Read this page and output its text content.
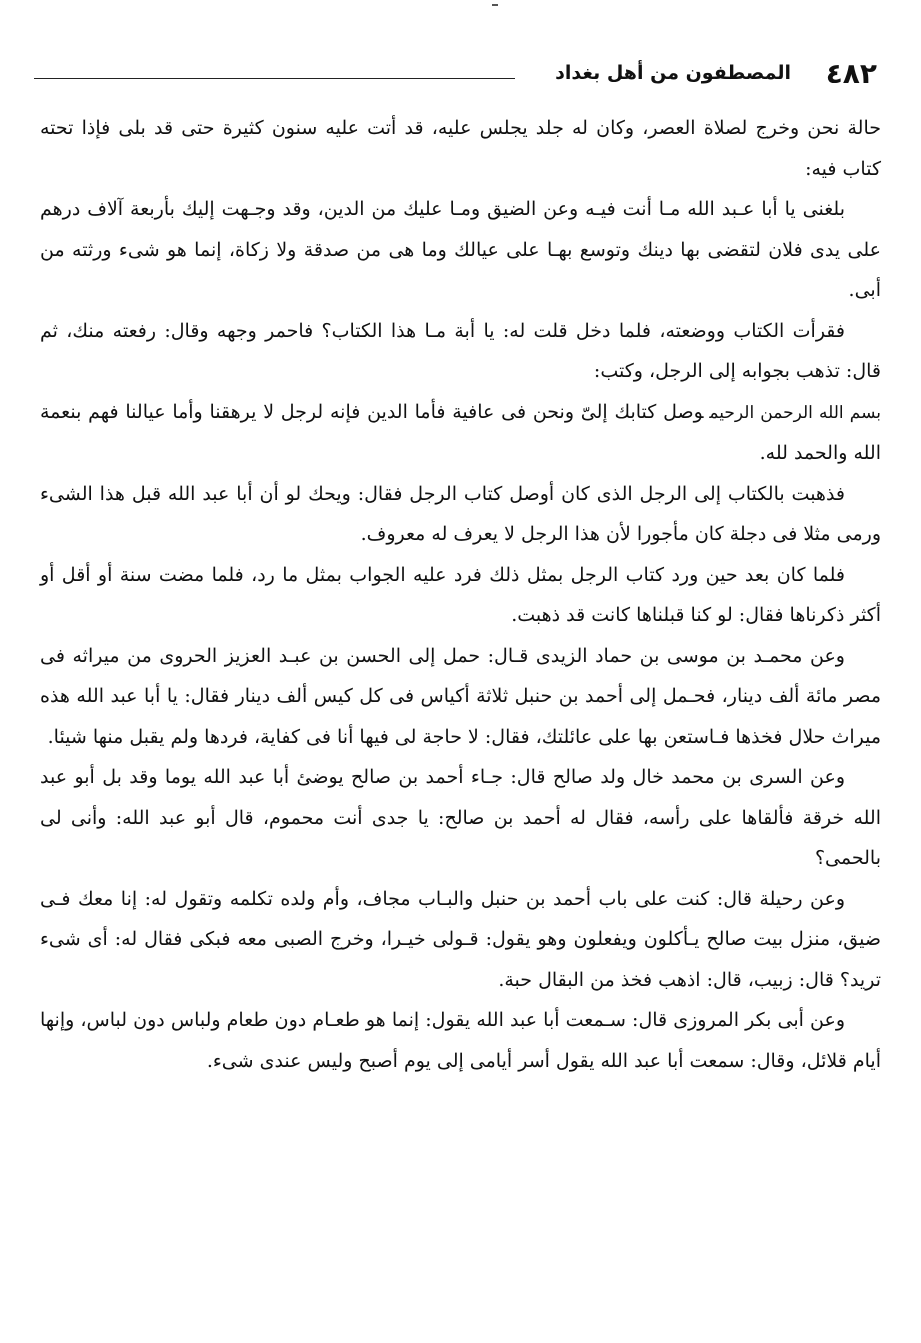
٤٨٢
المصطفون من أهل بغداد

حالة نحن وخرج لصلاة العصر، وكان له جلد يجلس عليه، قد أتت عليه سنون كثيرة حتى قد بلى فإذا تحته كتاب فيه:

بلغنى يا أبا عـبد الله مـا أنت فيـه وعن الضيق ومـا عليك من الدين، وقد وجـهت إليك بأربعة آلاف درهم على يدى فلان لتقضى بها دينك وتوسع بهـا على عيالك وما هى من صدقة ولا زكاة، إنما هو شىء ورثته من أبى.

فقرأت الكتاب ووضعته، فلما دخل قلت له: يا أبة مـا هذا الكتاب؟ فاحمر وجهه وقال: رفعته منك، ثم قال: تذهب بجوابه إلى الرجل، وكتب:

بسم الله الرحمن الرحيموصل كتابك إلىّ ونحن فى عافية فأما الدين فإنه لرجل لا يرهقنا وأما عيالنا فهم بنعمة الله والحمد لله.

فذهبت بالكتاب إلى الرجل الذى كان أوصل كتاب الرجل فقال: ويحك لو أن أبا عبد الله قبل هذا الشىء ورمى مثلا فى دجلة كان مأجورا لأن هذا الرجل لا يعرف له معروف.

فلما كان بعد حين ورد كتاب الرجل بمثل ذلك فرد عليه الجواب بمثل ما رد، فلما مضت سنة أو أقل أو أكثر ذكرناها فقال: لو كنا قبلناها كانت قد ذهبت.

وعن محمـد بن موسى بن حماد الزيدى قـال: حمل إلى الحسن بن عبـد العزيز الحروى من ميراثه فى مصر مائة ألف دينار، فحـمل إلى أحمد بن حنبل ثلاثة أكياس فى كل كيس ألف دينار فقال: يا أبا عبد الله هذه ميراث حلال فخذها فـاستعن بها على عائلتك، فقال: لا حاجة لى فيها أنا فى كفاية، فردها ولم يقبل منها شيئا.

وعن السرى بن محمد خال ولد صالح قال: جـاء أحمد بن صالح يوضئ أبا عبد الله يوما وقد بل أبو عبد الله خرقة فألقاها على رأسه، فقال له أحمد بن صالح: يا جدى أنت محموم، قال أبو عبد الله: وأنى لى بالحمى؟

وعن رحيلة قال: كنت على باب أحمد بن حنبل والبـاب مجاف، وأم ولده تكلمه وتقول له: إنا معك فـى ضيق، منزل بيت صالح يـأكلون ويفعلون وهو يقول: قـولى خيـرا، وخرج الصبى معه فبكى فقال له: أى شىء تريد؟ قال: زبيب، قال: اذهب فخذ من البقال حبة.

وعن أبى بكر المروزى قال: سـمعت أبا عبد الله يقول: إنما هو طعـام دون طعام ولباس دون لباس، وإنها أيام قلائل، وقال: سمعت أبا عبد الله يقول أسر أيامى إلى يوم أصبح وليس عندى شىء.
